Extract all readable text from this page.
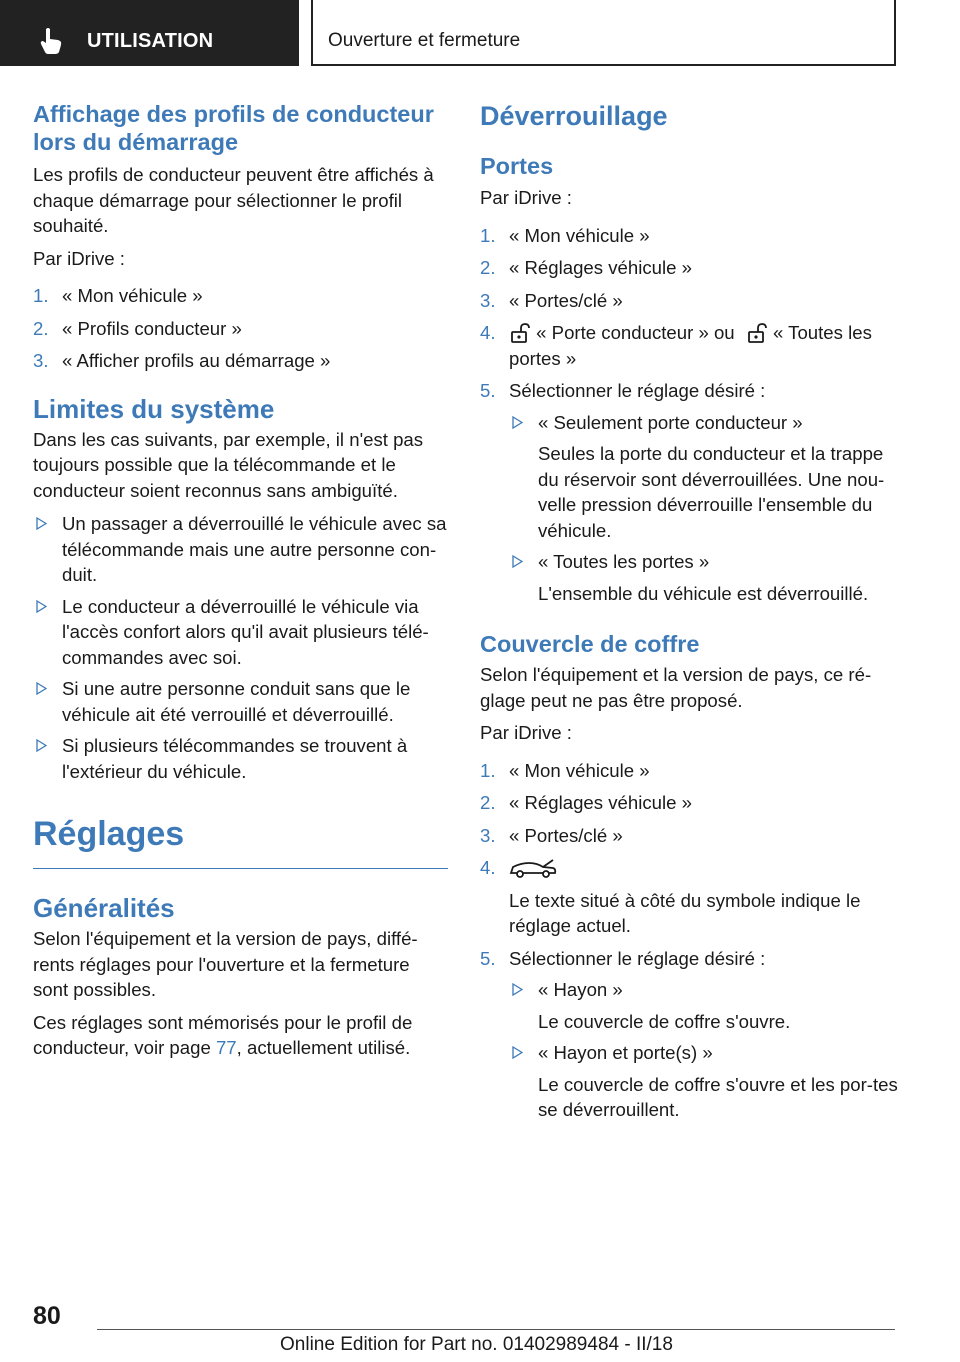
UTILISATION	Ouverture et fermeture
Affichage des profils de conducteur lors du démarrage

Les profils de conducteur peuvent être affichés à chaque démarrage pour sélectionner le profil souhaité.

Par iDrive :

1. « Mon véhicule »
2. « Profils conducteur »
3. « Afficher profils au démarrage »
Limites du système

Dans les cas suivants, par exemple, il n'est pas toujours possible que la télécommande et le conducteur soient reconnus sans ambiguïté.

Un passager a déverrouillé le véhicule avec sa télécommande mais une autre personne con-duit.
Le conducteur a déverrouillé le véhicule via l'accès confort alors qu'il avait plusieurs télé-commandes avec soi.
Si une autre personne conduit sans que le véhicule ait été verrouillé et déverrouillé.
Si plusieurs télécommandes se trouvent à l'extérieur du véhicule.
Réglages
Généralités

Selon l'équipement et la version de pays, diffé-rents réglages pour l'ouverture et la fermeture sont possibles.

Ces réglages sont mémorisés pour le profil de conducteur, voir page 77, actuellement utilisé.

Déverrouillage
Portes

Par iDrive :

1. « Mon véhicule »
2. « Réglages véhicule »
3. « Portes/clé »
4. « Porte conducteur » ou « Toutes les portes »
5. Sélectionner le réglage désiré :
« Seulement porte conducteur »

Seules la porte du conducteur et la trappe du réservoir sont déverrouillées. Une nou-velle pression déverrouille l'ensemble du véhicule.

« Toutes les portes »

L'ensemble du véhicule est déverrouillé.

Couvercle de coffre

Selon l'équipement et la version de pays, ce ré-glage peut ne pas être proposé.

Par iDrive :

1. « Mon véhicule »
2. « Réglages véhicule »
3. « Portes/clé »
4.

Le texte situé à côté du symbole indique le réglage actuel.

5. Sélectionner le réglage désiré :
« Hayon »

Le couvercle de coffre s'ouvre.

« Hayon et porte(s) »

Le couvercle de coffre s'ouvre et les por-tes se déverrouillent.

80
Online Edition for Part no. 01402989484 - II/18
